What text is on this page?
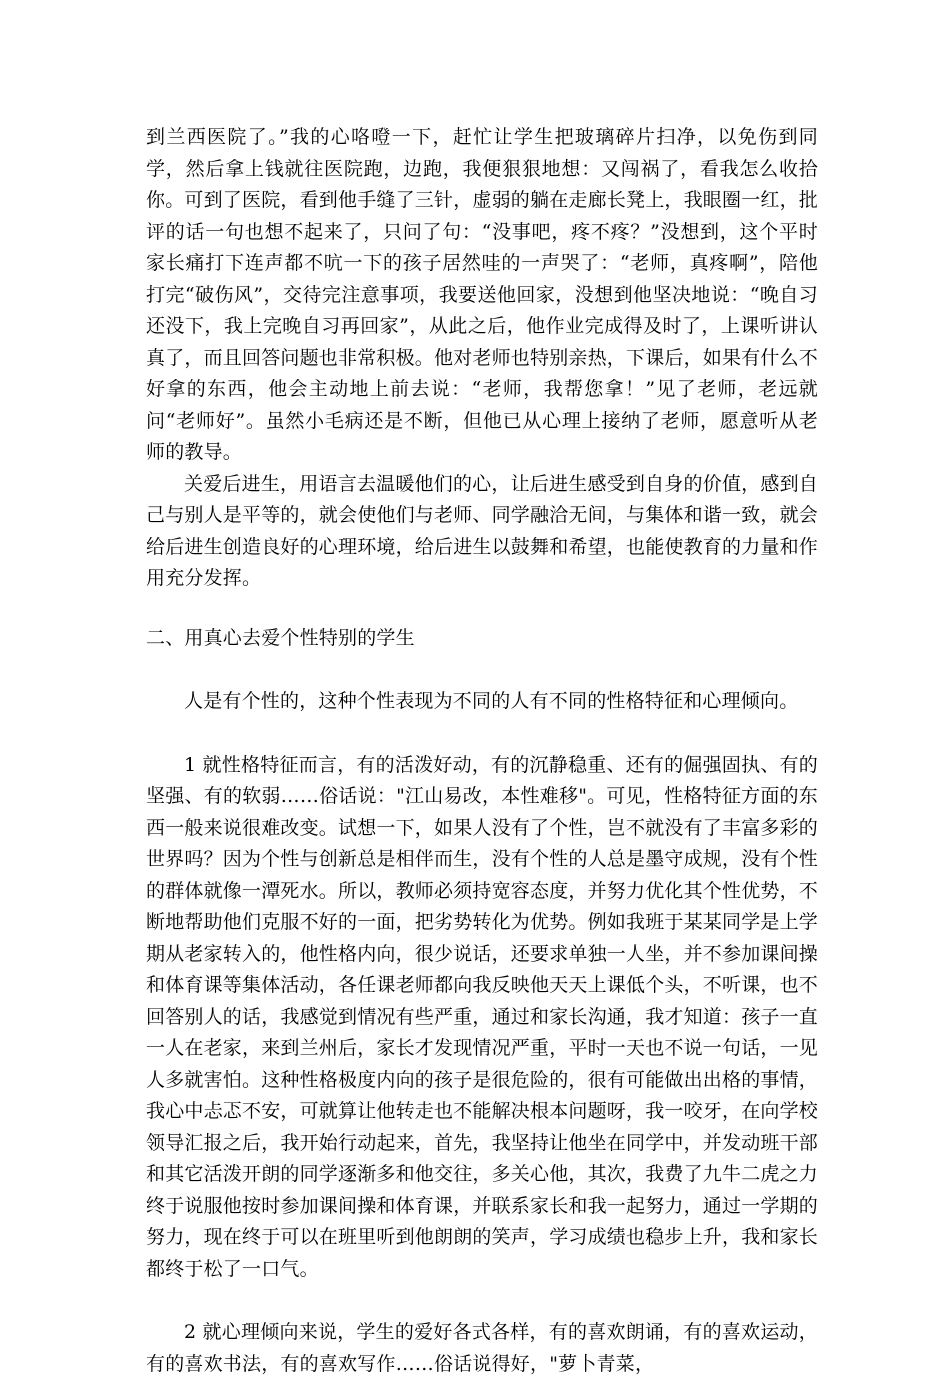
到兰西医院了。”我的心咯噔一下，赶忙让学生把玻璃碎片扫净，以免伤到同学，然后拿上钱就往医院跑，边跑，我便狠狠地想：又闯祸了，看我怎么收拾你。可到了医院，看到他手缝了三针，虚弱的躺在走廊长凳上，我眼圈一红，批评的话一句也想不起来了，只问了句：“没事吧，疼不疼？”没想到，这个平时家长痛打下连声都不吭一下的孩子居然哇的一声哭了：“老师，真疼啊”，陪他打完“破伤风”，交待完注意事项，我要送他回家，没想到他坚决地说：“晚自习还没下，我上完晚自习再回家”，从此之后，他作业完成得及时了，上课听讲认真了，而且回答问题也非常积极。他对老师也特别亲热，下课后，如果有什么不好拿的东西，他会主动地上前去说：“老师，我帮您拿！”见了老师，老远就问“老师好”。虽然小毛病还是不断，但他已从心理上接纳了老师，愿意听从老师的教导。

关爱后进生，用语言去温暖他们的心，让后进生感受到自身的价值，感到自己与别人是平等的，就会使他们与老师、同学融洽无间，与集体和谐一致，就会给后进生创造良好的心理环境，给后进生以鼓舞和希望，也能使教育的力量和作用充分发挥。

二、用真心去爱个性特别的学生

人是有个性的，这种个性表现为不同的人有不同的性格特征和心理倾向。

1 就性格特征而言，有的活泼好动，有的沉静稳重、还有的倔强固执、有的坚强、有的软弱……俗话说："江山易改，本性难移"。可见，性格特征方面的东西一般来说很难改变。试想一下，如果人没有了个性，岂不就没有了丰富多彩的世界吗？因为个性与创新总是相伴而生，没有个性的人总是墨守成规，没有个性的群体就像一潭死水。所以，教师必须持宽容态度，并努力优化其个性优势，不断地帮助他们克服不好的一面，把劣势转化为优势。例如我班于某某同学是上学期从老家转入的，他性格内向，很少说话，还要求单独一人坐，并不参加课间操和体育课等集体活动，各任课老师都向我反映他天天上课低个头，不听课，也不回答别人的话，我感觉到情况有些严重，通过和家长沟通，我才知道：孩子一直一人在老家，来到兰州后，家长才发现情况严重，平时一天也不说一句话，一见人多就害怕。这种性格极度内向的孩子是很危险的，很有可能做出出格的事情，我心中忐忑不安，可就算让他转走也不能解决根本问题呀，我一咬牙，在向学校领导汇报之后，我开始行动起来，首先，我坚持让他坐在同学中，并发动班干部和其它活泼开朗的同学逐渐多和他交往，多关心他，其次，我费了九牛二虎之力终于说服他按时参加课间操和体育课，并联系家长和我一起努力，通过一学期的努力，现在终于可以在班里听到他朗朗的笑声，学习成绩也稳步上升，我和家长都终于松了一口气。

2 就心理倾向来说，学生的爱好各式各样，有的喜欢朗诵，有的喜欢运动，有的喜欢书法，有的喜欢写作……俗话说得好，"萝卜青菜，
